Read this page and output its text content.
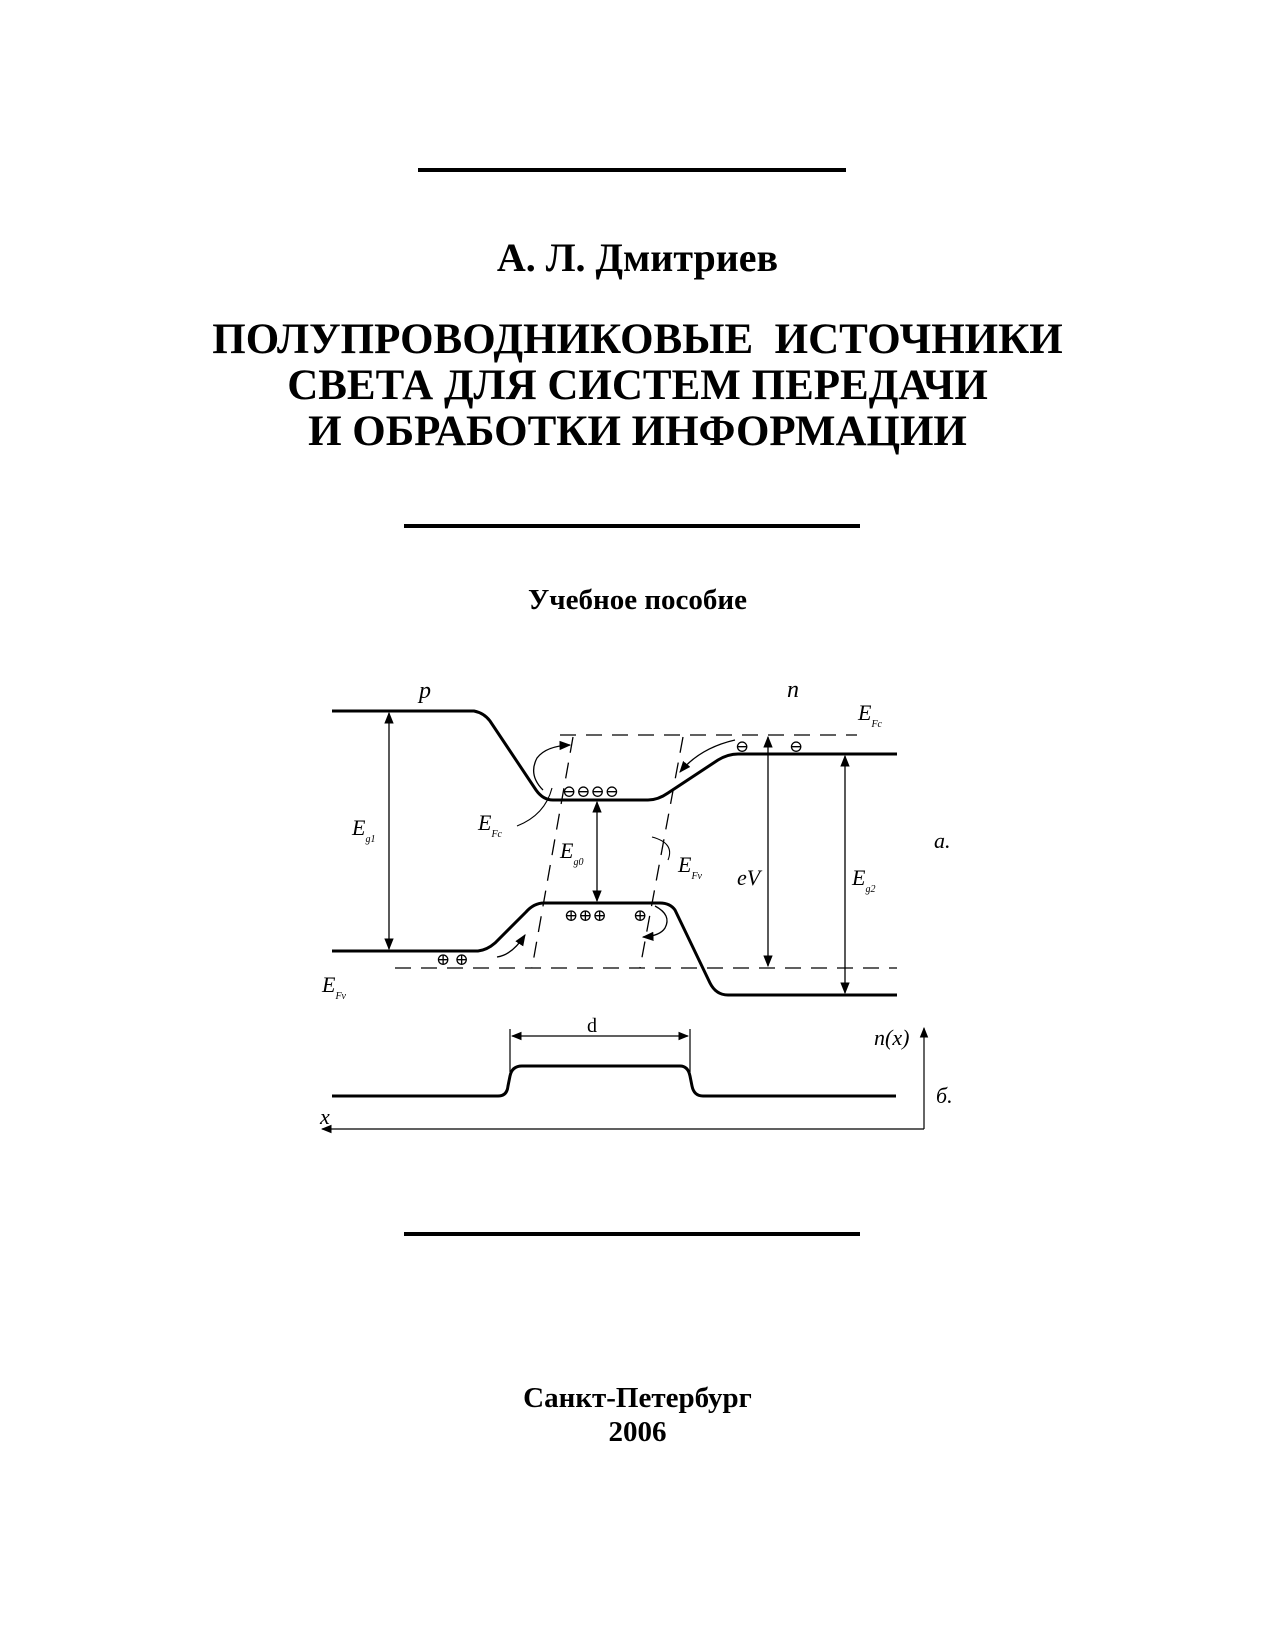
А. Л. Дмитриев
ПОЛУПРОВОДНИКОВЫЕ  ИСТОЧНИКИ
СВЕТА ДЛЯ СИСТЕМ ПЕРЕДАЧИ
И ОБРАБОТКИ ИНФОРМАЦИИ
Учебное пособие
p	n
$E_{Fc}$
$E_{g1}$
$E_{Fc}$
$E_{g0}$	$E_{Fv}$ eV	$E_{g2}$
а.
$E_{Fv}$
⊖⊖⊖⊖
⊖ ⊖
⊕⊕⊕ ⊕
⊕ ⊕
d	n(x)
x
б.
Санкт-Петербург
2006
